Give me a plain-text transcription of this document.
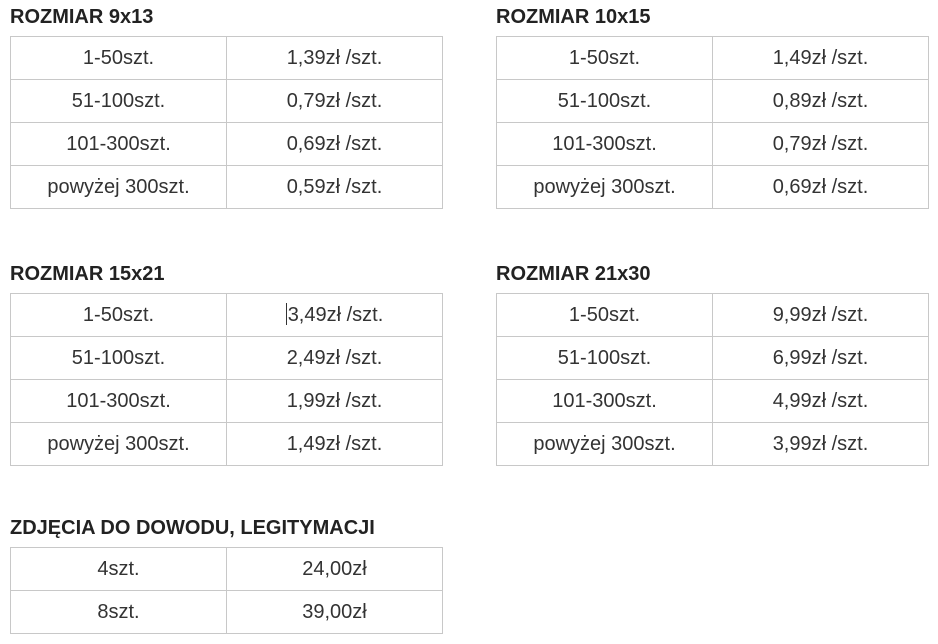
ROZMIAR 9x13
1-50szt.	1,39zł /szt.
51-100szt.	0,79zł /szt.
101-300szt.	0,69zł /szt.
powyżej 300szt.	0,59zł /szt.
ROZMIAR 10x15
1-50szt.	1,49zł /szt.
51-100szt.	0,89zł /szt.
101-300szt.	0,79zł /szt.
powyżej 300szt.	0,69zł /szt.
ROZMIAR 15x21
1-50szt.	3,49zł /szt.
51-100szt.	2,49zł /szt.
101-300szt.	1,99zł /szt.
powyżej 300szt.	1,49zł /szt.
ROZMIAR 21x30
1-50szt.	9,99zł /szt.
51-100szt.	6,99zł /szt.
101-300szt.	4,99zł /szt.
powyżej 300szt.	3,99zł /szt.
ZDJĘCIA DO DOWODU, LEGITYMACJI
4szt.	24,00zł
8szt.	39,00zł
